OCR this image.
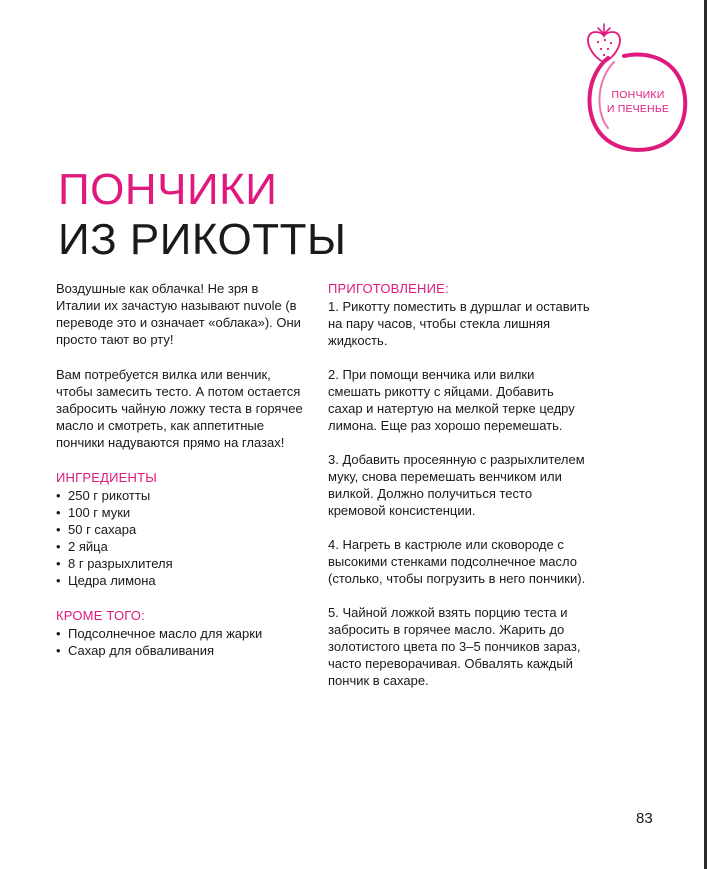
ПОНЧИКИ
И ПЕЧЕНЬЕ
ПОНЧИКИ
ИЗ РИКОТТЫ

Воздушные как облачка! Не зря в Италии их зачастую называют nuvole (в переводе это и означает «облака»). Они просто тают во рту!

Вам потребуется вилка или венчик, чтобы замесить тесто. А потом остается забросить чайную ложку теста в горячее масло и смотреть, как аппетитные пончики надуваются прямо на глазах!

ИНГРЕДИЕНТЫ
• 250 г рикотты
• 100 г муки
• 50 г сахара
• 2 яйца
• 8 г разрыхлителя
• Цедра лимона
КРОМЕ ТОГО:
• Подсолнечное масло для жарки
• Сахар для обваливания
ПРИГОТОВЛЕНИЕ:

1. Рикотту поместить в дуршлаг и оставить на пару часов, чтобы стекла лишняя жидкость.

2. При помощи венчика или вилки смешать рикотту с яйцами. Добавить сахар и натертую на мелкой терке цедру лимона. Еще раз хорошо перемешать.

3. Добавить просеянную с разрыхлителем муку, снова перемешать венчиком или вилкой. Должно получиться тесто кремовой консистенции.

4. Нагреть в кастрюле или сковороде с высокими стенками подсолнечное масло (столько, чтобы погрузить в него пончики).

5. Чайной ложкой взять порцию теста и забросить в горячее масло. Жарить до золотистого цвета по 3–5 пончиков зараз, часто переворачивая. Обвалять каждый пончик в сахаре.

83
